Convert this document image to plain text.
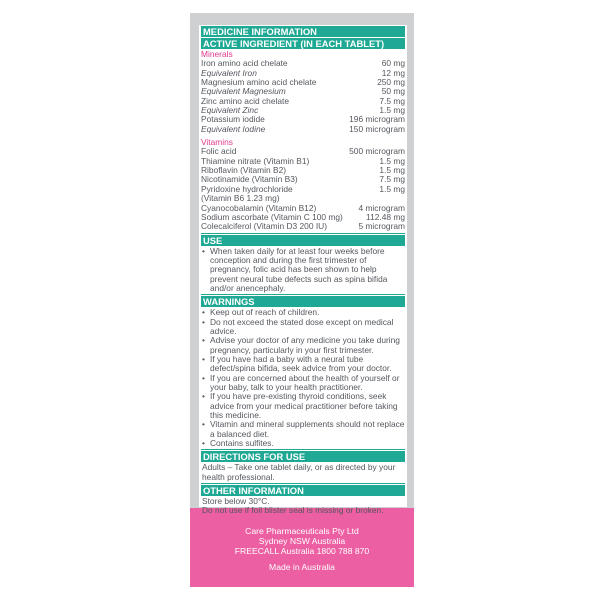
MEDICINE INFORMATION
ACTIVE INGREDIENT (IN EACH TABLET)
Minerals
Iron amino acid chelate	60 mg
Equivalent Iron	12 mg
Magnesium amino acid chelate	250 mg
Equivalent Magnesium	50 mg
Zinc amino acid chelate	7.5 mg
Equivalent Zinc	1.5 mg
Potassium iodide	196 microgram
Equivalent Iodine	150 microgram
Vitamins
Folic acid	500 microgram
Thiamine nitrate (Vitamin B1)	1.5 mg
Riboflavin (Vitamin B2)	1.5 mg
Nicotinamide (Vitamin B3)	7.5 mg
Pyridoxine hydrochloride	1.5 mg
(Vitamin B6 1.23 mg)
Cyanocobalamin (Vitamin B12)	4 microgram
Sodium ascorbate (Vitamin C 100 mg)	112.48 mg
Colecalciferol (Vitamin D3 200 IU)	5 microgram
USE
• When taken daily for at least four weeks before conception and during the first trimester of pregnancy, folic acid has been shown to help prevent neural tube defects such as spina bifida and/or anencephaly.
WARNINGS
• Keep out of reach of children.
• Do not exceed the stated dose except on medical advice.
• Advise your doctor of any medicine you take during pregnancy, particularly in your first trimester.
• If you have had a baby with a neural tube defect/spina bifida, seek advice from your doctor.
• If you are concerned about the health of yourself or your baby, talk to your health practitioner.
• If you have pre-existing thyroid conditions, seek advice from your medical practitioner before taking this medicine.
• Vitamin and mineral supplements should not replace a balanced diet.
• Contains sulfites.
DIRECTIONS FOR USE
Adults – Take one tablet daily, or as directed by your health professional.
OTHER INFORMATION
Store below 30°C.
Do not use if foil blister seal is missing or broken.
Care Pharmaceuticals Pty Ltd
Sydney NSW Australia
FREECALL Australia 1800 788 870
Made in Australia
